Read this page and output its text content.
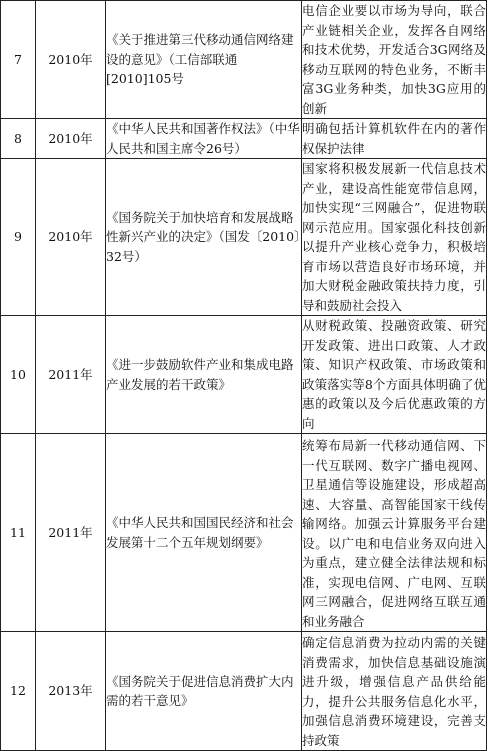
7	2010年	《关于推进第三代移动通信网络建设的意见》（工信部联通[2010]105号	电信企业要以市场为导向，联合产业链相关企业，发挥各自网络和技术优势，开发适合3G网络及移动互联网的特色业务，不断丰富3G业务种类，加快3G应用的创新

8	2010年	《中华人民共和国著作权法》（中华人民共和国主席令26号）	明确包括计算机软件在内的著作权保护法律

9	2010年	《国务院关于加快培育和发展战略性新兴产业的决定》（国发〔2010〕32号）	国家将积极发展新一代信息技术产业，建设高性能宽带信息网，加快实现“三网融合”，促进物联网示范应用。国家强化科技创新以提升产业核心竞争力，积极培育市场以营造良好市场环境，并加大财税金融政策扶持力度，引导和鼓励社会投入

10	2011年	《进一步鼓励软件产业和集成电路产业发展的若干政策》	从财税政策、投融资政策、研究开发政策、进出口政策、人才政策、知识产权政策、市场政策和政策落实等8个方面具体明确了优惠的政策以及今后优惠政策的方向

11	2011年	《中华人民共和国国民经济和社会发展第十二个五年规划纲要》	统筹布局新一代移动通信网、下一代互联网、数字广播电视网、卫星通信等设施建设，形成超高速、大容量、高智能国家干线传输网络。加强云计算服务平台建设。以广电和电信业务双向进入为重点，建立健全法律法规和标准，实现电信网、广电网、互联网三网融合，促进网络互联互通和业务融合

12	2013年	《国务院关于促进信息消费扩大内需的若干意见》	确定信息消费为拉动内需的关键消费需求，加快信息基础设施演进升级，增强信息产品供给能力，提升公共服务信息化水平，加强信息消费环境建设，完善支持政策
